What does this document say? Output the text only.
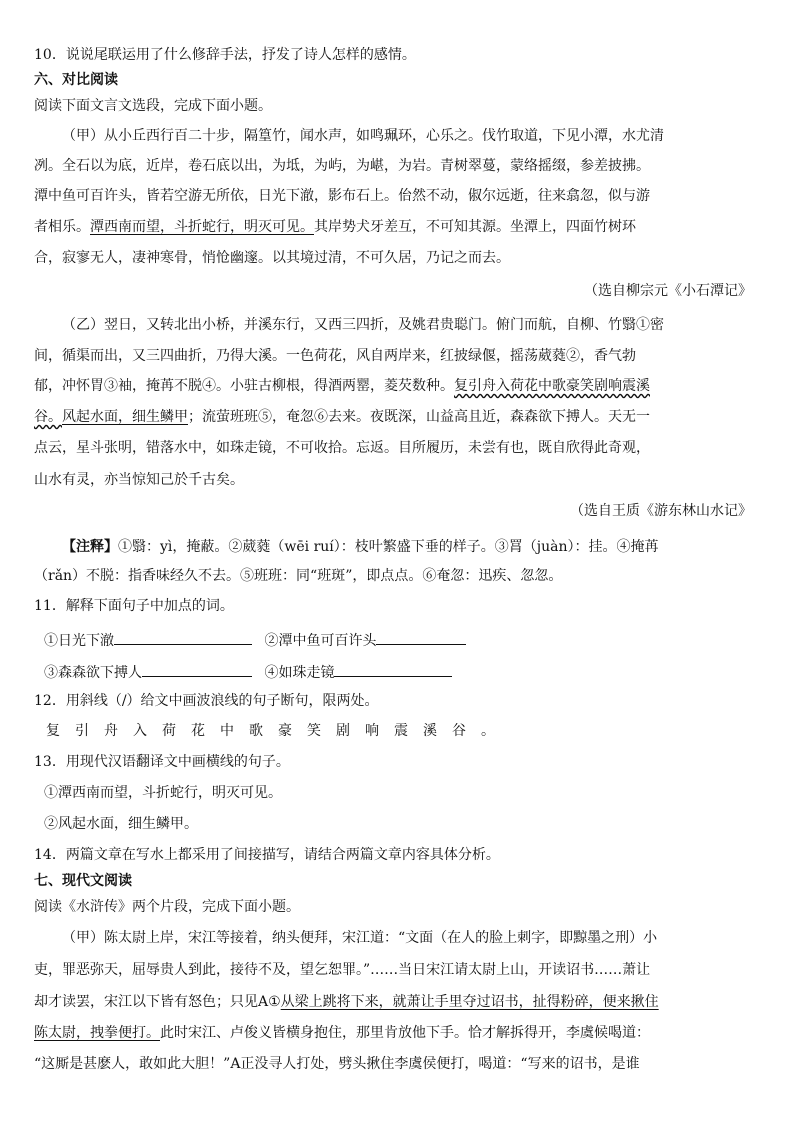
10．说说尾联运用了什么修辞手法，抒发了诗人怎样的感情。
六、对比阅读
阅读下面文言文选段，完成下面小题。
（甲）从小丘西行百二十步，隔篁竹，闻水声，如鸣珮环，心乐之。伐竹取道，下见小潭，水尤清
冽。全石以为底，近岸，卷石底以出，为坻，为屿，为嵁，为岩。青树翠蔓，蒙络摇缀，参差披拂。
潭中鱼可百许头，皆若空游无所依，日光下澈，影布石上。佁然不动，俶尔远逝，往来翕忽，似与游
者相乐。潭西南而望，斗折蛇行，明灭可见。其岸势犬牙差互，不可知其源。坐潭上，四面竹树环
合，寂寥无人，凄神寒骨，悄怆幽邃。以其境过清，不可久居，乃记之而去。
（选自柳宗元《小石潭记》
（乙）翌日，又转北出小桥，并溪东行，又西三四折，及姚君贵聪门。俯门而航，自柳、竹翳①密
间，循渠而出，又三四曲折，乃得大溪。一色荷花，风自两岸来，红披绿偃，摇荡葳蕤②，香气勃
郁，冲怀胃③袖，掩苒不脱④。小驻古柳根，得酒两罂，菱芡数种。复引舟入荷花中歌豪笑剧响震溪
谷。风起水面，细生鳞甲；流萤班班⑤，奄忽⑥去来。夜既深，山益高且近，森森欲下搏人。天无一
点云，星斗张明，错落水中，如珠走镜，不可收拾。忘返。目所履历，未尝有也，既自欣得此奇观，
山水有灵，亦当惊知己於千古矣。
（选自王质《游东林山水记》
【注释】①翳：yì，掩蔽。②葳蕤（wēi ruí）：枝叶繁盛下垂的样子。③罥（juàn）：挂。④掩苒
（rǎn）不脱：指香味经久不去。⑤班班：同“班斑”，即点点。⑥奄忽：迅疾、忽忽。
11．解释下面句子中加点的词。
①日光下澈	②潭中鱼可百许头
③森森欲下搏人	④如珠走镜
12．用斜线（/）给文中画波浪线的句子断句，限两处。
复引舟入荷花中歌豪笑剧响震溪谷。
13．用现代汉语翻译文中画横线的句子。
①潭西南而望，斗折蛇行，明灭可见。
②风起水面，细生鳞甲。
14．两篇文章在写水上都采用了间接描写，请结合两篇文章内容具体分析。
七、现代文阅读
阅读《水浒传》两个片段，完成下面小题。
（甲）陈太尉上岸，宋江等接着，纳头便拜，宋江道：“文面（在人的脸上刺字，即黥墨之刑）小
吏，罪恶弥天，屈辱贵人到此，接待不及，望乞恕罪。”……当日宋江请太尉上山，开读诏书……萧让
却才读罢，宋江以下皆有怒色；只见A①从梁上跳将下来，就萧让手里夺过诏书，扯得粉碎，便来揪住
陈太尉，拽拳便打。此时宋江、卢俊义皆横身抱住，那里肯放他下手。恰才解拆得开，李虞候喝道：
“这厮是甚麽人，敢如此大胆！”A正没寻人打处，劈头揪住李虞侯便打，喝道：“写来的诏书，是谁
